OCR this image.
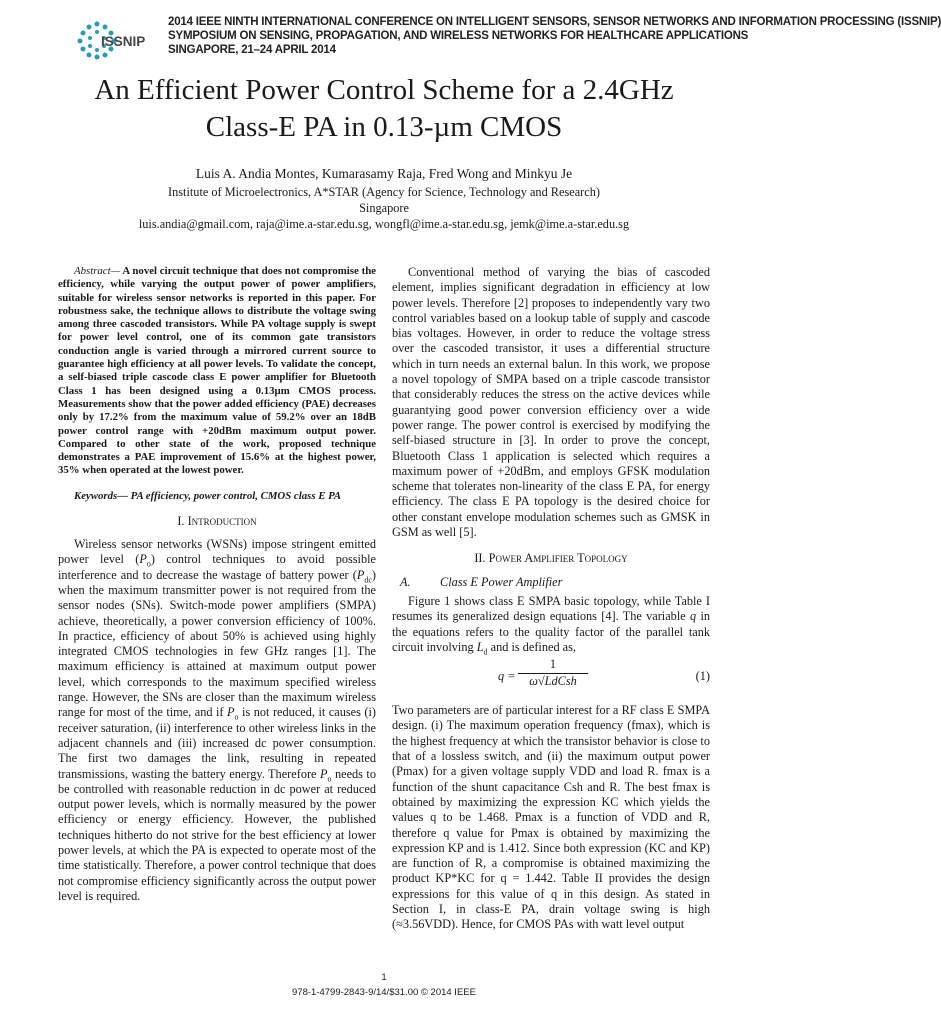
ISSNIP
2014 IEEE NINTH INTERNATIONAL CONFERENCE ON INTELLIGENT SENSORS, SENSOR NETWORKS AND INFORMATION PROCESSING (ISSNIP)
SYMPOSIUM ON SENSING, PROPAGATION, AND WIRELESS NETWORKS FOR HEALTHCARE APPLICATIONS
SINGAPORE, 21–24 APRIL 2014
An Efficient Power Control Scheme for a 2.4GHz
Class-E PA in 0.13-µm CMOS
Luis A. Andia Montes, Kumarasamy Raja, Fred Wong and Minkyu Je
Institute of Microelectronics, A*STAR (Agency for Science, Technology and Research)
Singapore
luis.andia@gmail.com, raja@ime.a-star.edu.sg, wongfl@ime.a-star.edu.sg, jemk@ime.a-star.edu.sg

Abstract— A novel circuit technique that does not compromise the efficiency, while varying the output power of power amplifiers, suitable for wireless sensor networks is reported in this paper. For robustness sake, the technique allows to distribute the voltage swing among three cascoded transistors. While PA voltage supply is swept for power level control, one of its common gate transistors conduction angle is varied through a mirrored current source to guarantee high efficiency at all power levels. To validate the concept, a self-biased triple cascode class E power amplifier for Bluetooth Class 1 has been designed using a 0.13µm CMOS process. Measurements show that the power added efficiency (PAE) decreases only by 17.2% from the maximum value of 59.2% over an 18dB power control range with +20dBm maximum output power. Compared to other state of the work, proposed technique demonstrates a PAE improvement of 15.6% at the highest power, 35% when operated at the lowest power.

Keywords— PA efficiency, power control, CMOS class E PA

I. Introduction

Wireless sensor networks (WSNs) impose stringent emitted power level $(P_o)$ control techniques to avoid possible interference and to decrease the wastage of battery power $(P_{dc})$ when the maximum transmitter power is not required from the sensor nodes (SNs). Switch-mode power amplifiers (SMPA) achieve, theoretically, a power conversion efficiency of 100%. In practice, efficiency of about 50% is achieved using highly integrated CMOS technologies in few GHz ranges [1]. The maximum efficiency is attained at maximum output power level, which corresponds to the maximum specified wireless range. However, the SNs are closer than the maximum wireless range for most of the time, and if $P_o$ is not reduced, it causes (i) receiver saturation, (ii) interference to other wireless links in the adjacent channels and (iii) increased dc power consumption. The first two damages the link, resulting in repeated transmissions, wasting the battery energy. Therefore $P_o$ needs to be controlled with reasonable reduction in dc power at reduced output power levels, which is normally measured by the power efficiency or energy efficiency. However, the published techniques hitherto do not strive for the best efficiency at lower power levels, at which the PA is expected to operate most of the time statistically. Therefore, a power control technique that does not compromise efficiency significantly across the output power level is required.

Conventional method of varying the bias of cascoded element, implies significant degradation in efficiency at low power levels. Therefore [2] proposes to independently vary two control variables based on a lookup table of supply and cascode bias voltages. However, in order to reduce the voltage stress over the cascoded transistor, it uses a differential structure which in turn needs an external balun. In this work, we propose a novel topology of SMPA based on a triple cascode transistor that considerably reduces the stress on the active devices while guarantying good power conversion efficiency over a wide power range. The power control is exercised by modifying the self-biased structure in [3]. In order to prove the concept, Bluetooth Class 1 application is selected which requires a maximum power of +20dBm, and employs GFSK modulation scheme that tolerates non-linearity of the class E PA, for energy efficiency. The class E PA topology is the desired choice for other constant envelope modulation schemes such as GMSK in GSM as well [5].

II. Power Amplifier Topology
A. Class E Power Amplifier

Figure 1 shows class E SMPA basic topology, while Table I resumes its generalized design equations [4]. The variable q in the equations refers to the quality factor of the parallel tank circuit involving $L_d$ and is defined as,

q =
1
ω√LdCsh	(1)

Two parameters are of particular interest for a RF class E SMPA design. (i) The maximum operation frequency (fmax), which is the highest frequency at which the transistor behavior is close to that of a lossless switch, and (ii) the maximum output power (Pmax) for a given voltage supply VDD and load R. fmax is a function of the shunt capacitance Csh and R. The best fmax is obtained by maximizing the expression KC which yields the values q to be 1.468. Pmax is a function of VDD and R, therefore q value for Pmax is obtained by maximizing the expression KP and is 1.412. Since both expression (KC and KP) are function of R, a compromise is obtained maximizing the product KP*KC for q = 1.442. Table II provides the design expressions for this value of q in this design. As stated in Section I, in class-E PA, drain voltage swing is high (≈3.56VDD). Hence, for CMOS PAs with watt level output

1
978-1-4799-2843-9/14/$31.00 © 2014 IEEE
